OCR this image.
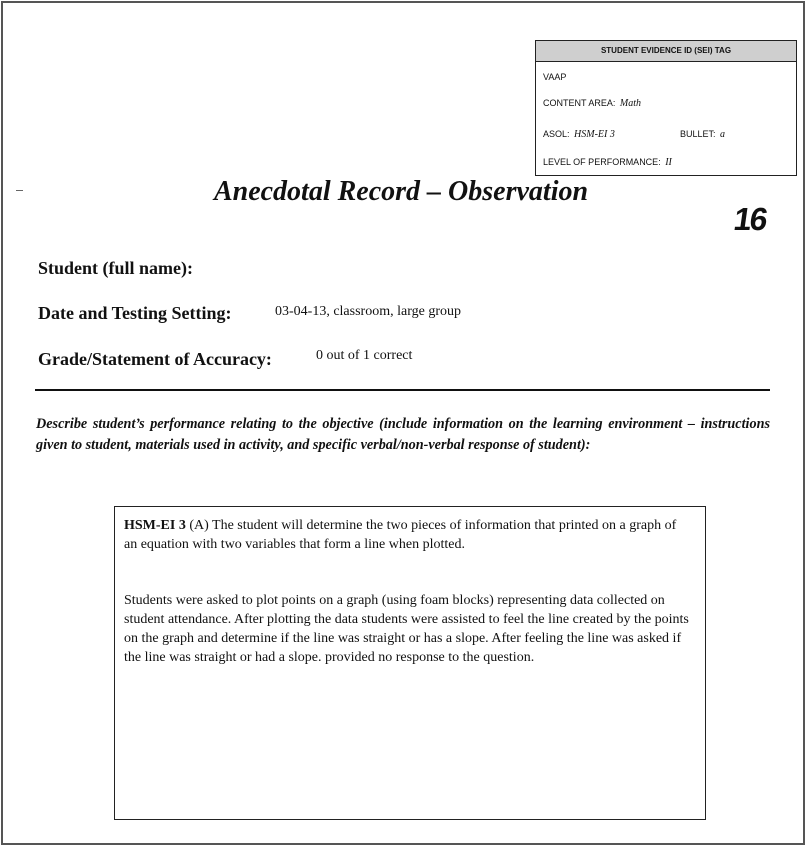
STUDENT EVIDENCE ID (SEI) TAG
VAAP
CONTENT AREA: Math
ASOL: HSM-EI 3	BULLET: a
LEVEL OF PERFORMANCE: II
Anecdotal Record – Observation
16
Student (full name):
Date and Testing Setting:	03-04-13, classroom, large group
Grade/Statement of Accuracy:	0 out of 1 correct
Describe student’s performance relating to the objective (include information on the learning environment – instructions given to student, materials used in activity, and specific verbal/non-verbal response of student):
HSM-EI 3 (A) The student will determine the two pieces of information that printed on a graph of an equation with two variables that form a line when plotted.
Students were asked to plot points on a graph (using foam blocks) representing data collected on student attendance. After plotting the data students were assisted to feel the line created by the points on the graph and determine if the line was straight or has a slope. After feeling the line was asked if the line was straight or had a slope. provided no response to the question.
